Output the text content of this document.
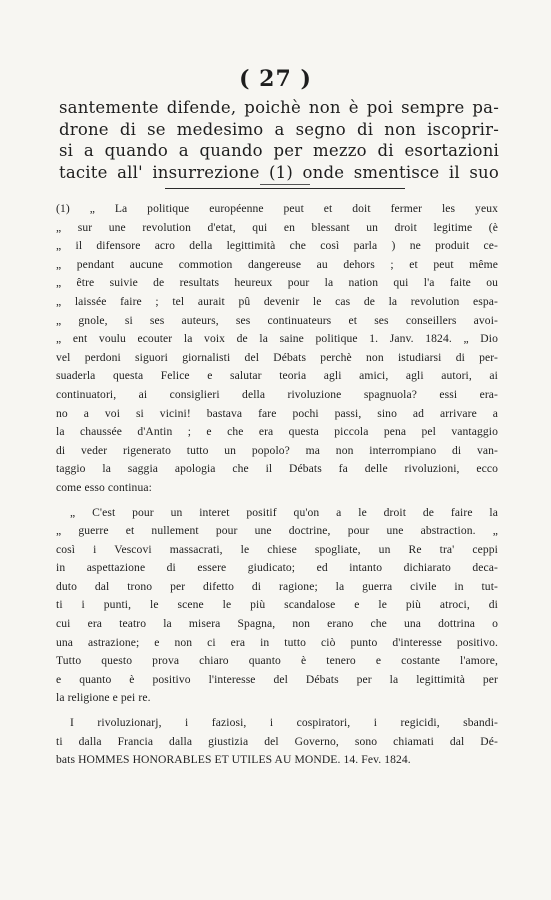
( 27 )
santemente difende, poichè non è poi sempre pa-
drone di se medesimo a segno di non iscoprir-
si a quando a quando per mezzo di esortazioni
tacite all' insurrezione (1) onde smentisce il suo
(1) „ La politique européenne peut et doit fermer les yeux
„ sur une revolution d'etat, qui en blessant un droit legitime (è
„ il difensore acro della legittimità che così parla ) ne produit ce-
„ pendant aucune commotion dangereuse au dehors ; et peut même
„ être suivie de resultats heureux pour la nation qui l'a faite ou
„ laissée faire ; tel aurait pû devenir le cas de la revolution espa-
„ gnole, si ses auteurs, ses continuateurs et ses conseillers avoi-
„ ent voulu ecouter la voix de la saine politique 1. Janv. 1824. „ Dio
vel perdoni siguori giornalisti del Débats perchè non istudiarsi di per-
suaderla questa Felice e salutar teoria agli amici, agli autori, ai
continuatori, ai consiglieri della rivoluzione spagnuola? essi era-
no a voi si vicini! bastava fare pochi passi, sino ad arrivare a
la chaussée d'Antin ; e che era questa piccola pena pel vantaggio
di veder rigenerato tutto un popolo? ma non interrompiano di van-
taggio la saggia apologia che il Débats fa delle rivoluzioni, ecco
come esso continua:
„ C'est pour un interet positif qu'on a le droit de faire la
„ guerre et nullement pour une doctrine, pour une abstraction. „
così i Vescovi massacrati, le chiese spogliate, un Re tra' ceppi
in aspettazione di essere giudicato; ed intanto dichiarato deca-
duto dal trono per difetto di ragione; la guerra civile in tut-
ti i punti, le scene le più scandalose e le più atroci, di
cui era teatro la misera Spagna, non erano che una dottrina o
una astrazione; e non ci era in tutto ciò punto d'interesse positivo.
Tutto questo prova chiaro quanto è tenero e costante l'amore,
e quanto è positivo l'interesse del Débats per la legittimità per
la religione e pei re.
I rivoluzionarj, i faziosi, i cospiratori, i regicidi, sbandi-
ti dalla Francia dalla giustizia del Governo, sono chiamati dal Dé-
bats HOMMES HONORABLES ET UTILES AU MONDE. 14. Fev. 1824.
